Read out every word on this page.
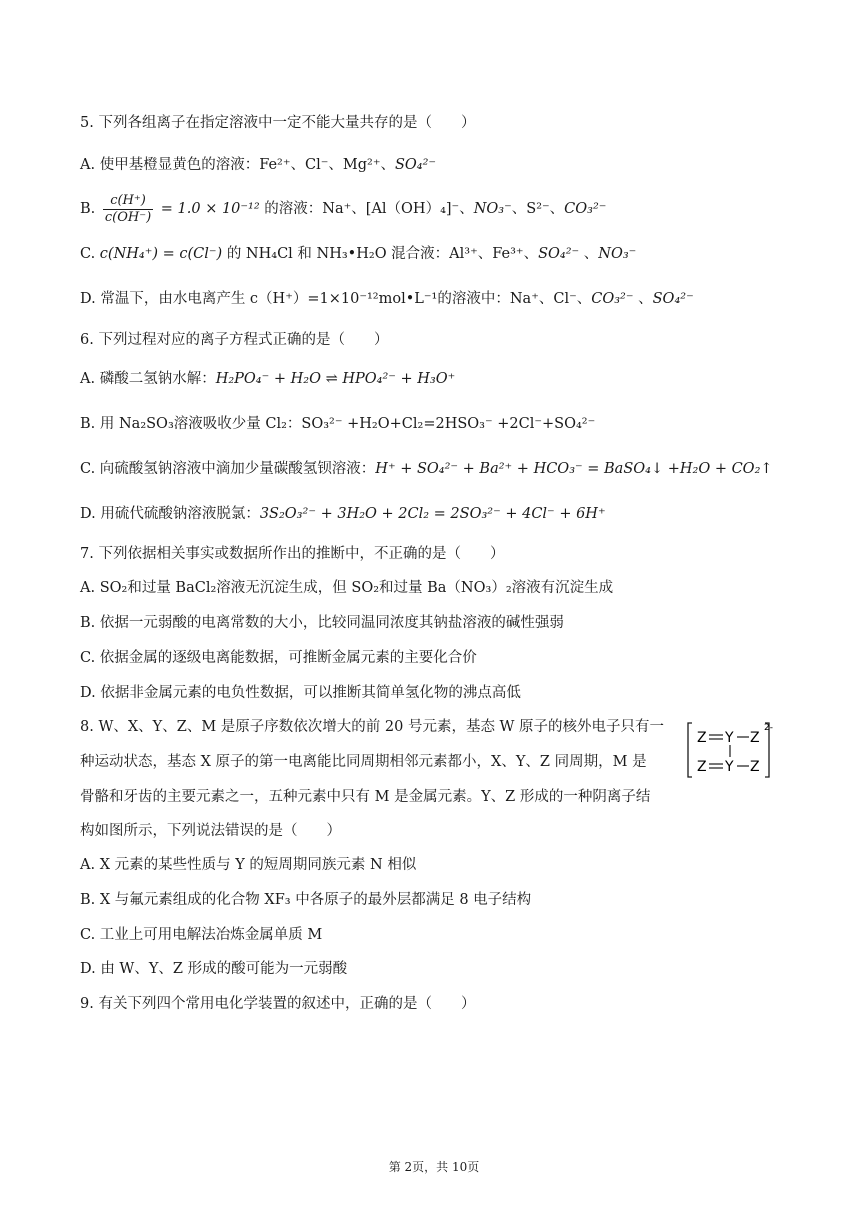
5. 下列各组离子在指定溶液中一定不能大量共存的是（　　）
A. 使甲基橙显黄色的溶液：Fe²⁺、Cl⁻、Mg²⁺、SO₄²⁻
B. $\frac{c(H^+)}{c(OH^-)} = 1.0 \times 10^{-12}$ 的溶液：Na⁺、[Al（OH）₄]⁻、NO₃⁻、S²⁻、CO₃²⁻
C. c(NH₄⁺) = c(Cl⁻) 的 NH₄Cl 和 NH₃•H₂O 混合液：Al³⁺、Fe³⁺、SO₄²⁻ 、NO₃⁻
D. 常温下，由水电离产生 c（H⁺）=1×10⁻¹²mol•L⁻¹的溶液中：Na⁺、Cl⁻、CO₃²⁻ 、SO₄²⁻
6. 下列过程对应的离子方程式正确的是（　　）
A. 磷酸二氢钠水解：H₂PO₄⁻ + H₂O ⇌ HPO₄²⁻ + H₃O⁺
B. 用 Na₂SO₃溶液吸收少量 Cl₂：SO₃²⁻ +H₂O+Cl₂=2HSO₃⁻ +2Cl⁻+SO₄²⁻
C. 向硫酸氢钠溶液中滴加少量碳酸氢钡溶液：H⁺ + SO₄²⁻ + Ba²⁺ + HCO₃⁻ = BaSO₄↓ +H₂O + CO₂↑
D. 用硫代硫酸钠溶液脱氯：3S₂O₃²⁻ + 3H₂O + 2Cl₂ = 2SO₃²⁻ + 4Cl⁻ + 6H⁺
7. 下列依据相关事实或数据所作出的推断中，不正确的是（　　）
A. SO₂和过量 BaCl₂溶液无沉淀生成，但 SO₂和过量 Ba（NO₃）₂溶液有沉淀生成
B. 依据一元弱酸的电离常数的大小，比较同温同浓度其钠盐溶液的碱性强弱
C. 依据金属的逐级电离能数据，可推断金属元素的主要化合价
D. 依据非金属元素的电负性数据，可以推断其简单氢化物的沸点高低
8. W、X、Y、Z、M 是原子序数依次增大的前 20 号元素，基态 W 原子的核外电子只有一
种运动状态，基态 X 原子的第一电离能比同周期相邻元素都小，X、Y、Z 同周期，M 是
骨骼和牙齿的主要元素之一，五种元素中只有 M 是金属元素。Y、Z 形成的一种阴离子结
构如图所示，下列说法错误的是（　　）
Z Y Z
Z Y Z
2-
A. X 元素的某些性质与 Y 的短周期同族元素 N 相似
B. X 与氟元素组成的化合物 XF₃ 中各原子的最外层都满足 8 电子结构
C. 工业上可用电解法冶炼金属单质 M
D. 由 W、Y、Z 形成的酸可能为一元弱酸
9. 有关下列四个常用电化学装置的叙述中，正确的是（　　）
第 2页，共 10页
